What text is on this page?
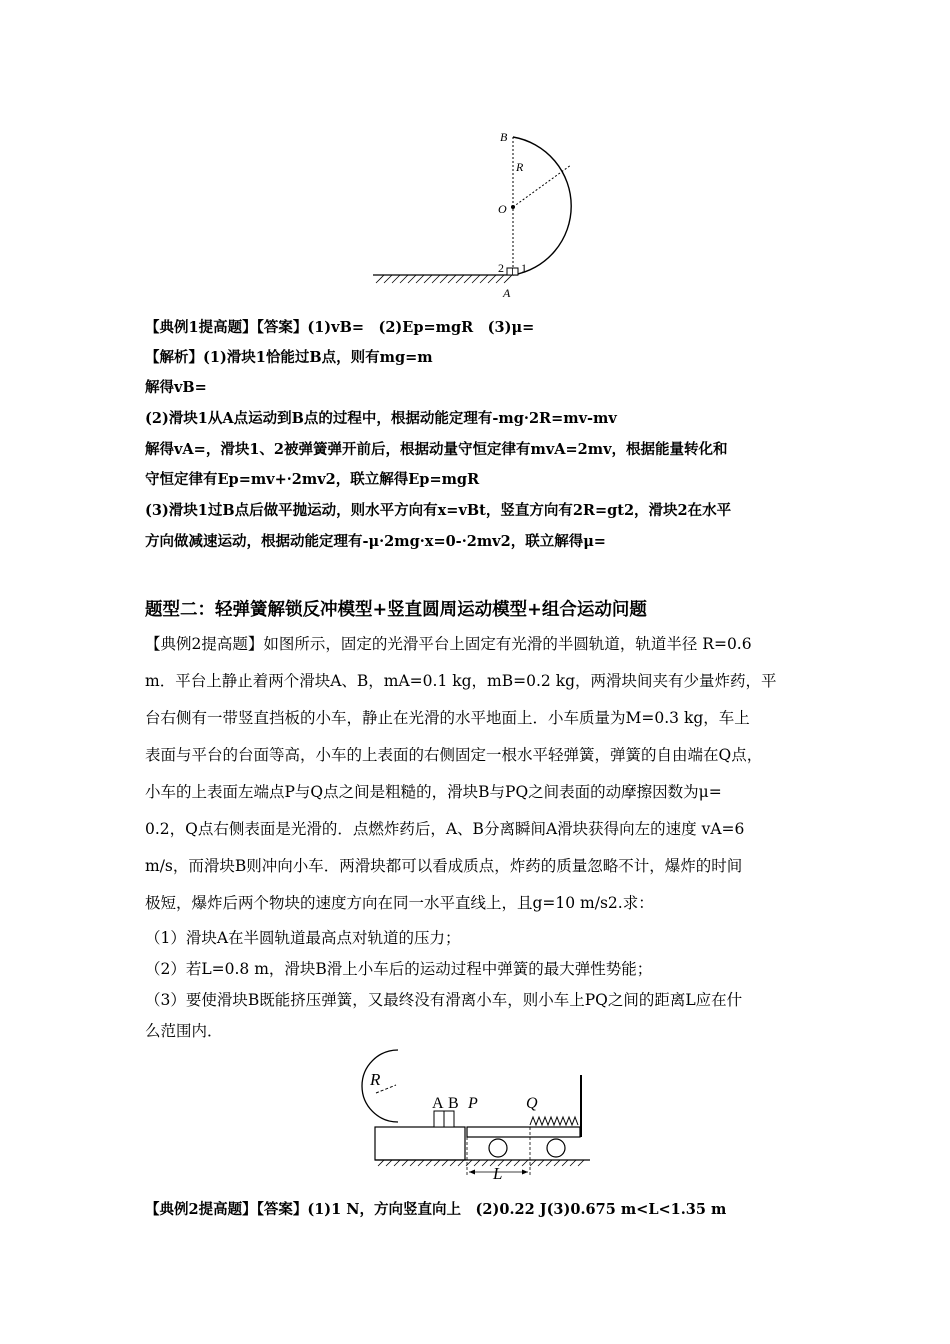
B
R
O
2 1
A
【典例1提高题】【答案】(1)vB=　(2)Ep=mgR　(3)μ=
【解析】(1)滑块1恰能过B点，则有mg=m
解得vB=
(2)滑块1从A点运动到B点的过程中，根据动能定理有-mg·2R=mv-mv
解得vA=，滑块1、2被弹簧弹开前后，根据动量守恒定律有mvA=2mv，根据能量转化和
守恒定律有Ep=mv+·2mv2，联立解得Ep=mgR
(3)滑块1过B点后做平抛运动，则水平方向有x=vBt，竖直方向有2R=gt2，滑块2在水平
方向做减速运动，根据动能定理有-μ·2mg·x=0-·2mv2，联立解得μ=
题型二：轻弹簧解锁反冲模型+竖直圆周运动模型+组合运动问题
【典例2提高题】如图所示，固定的光滑平台上固定有光滑的半圆轨道，轨道半径 R=0.6
m．平台上静止着两个滑块A、B，mA=0.1 kg，mB=0.2 kg，两滑块间夹有少量炸药，平
台右侧有一带竖直挡板的小车，静止在光滑的水平地面上．小车质量为M=0.3 kg，车上
表面与平台的台面等高，小车的上表面的右侧固定一根水平轻弹簧，弹簧的自由端在Q点，
小车的上表面左端点P与Q点之间是粗糙的，滑块B与PQ之间表面的动摩擦因数为μ=
0.2，Q点右侧表面是光滑的．点燃炸药后，A、B分离瞬间A滑块获得向左的速度 vA=6
m/s，而滑块B则冲向小车．两滑块都可以看成质点，炸药的质量忽略不计，爆炸的时间
极短，爆炸后两个物块的速度方向在同一水平直线上，且g=10 m/s2.求：
（1）滑块A在半圆轨道最高点对轨道的压力；
（2）若L=0.8 m，滑块B滑上小车后的运动过程中弹簧的最大弹性势能；
（3）要使滑块B既能挤压弹簧，又最终没有滑离小车，则小车上PQ之间的距离L应在什
么范围内．
R
A B P	Q
L
【典例2提高题】【答案】(1)1 N，方向竖直向上　(2)0.22 J(3)0.675 m<L<1.35 m
